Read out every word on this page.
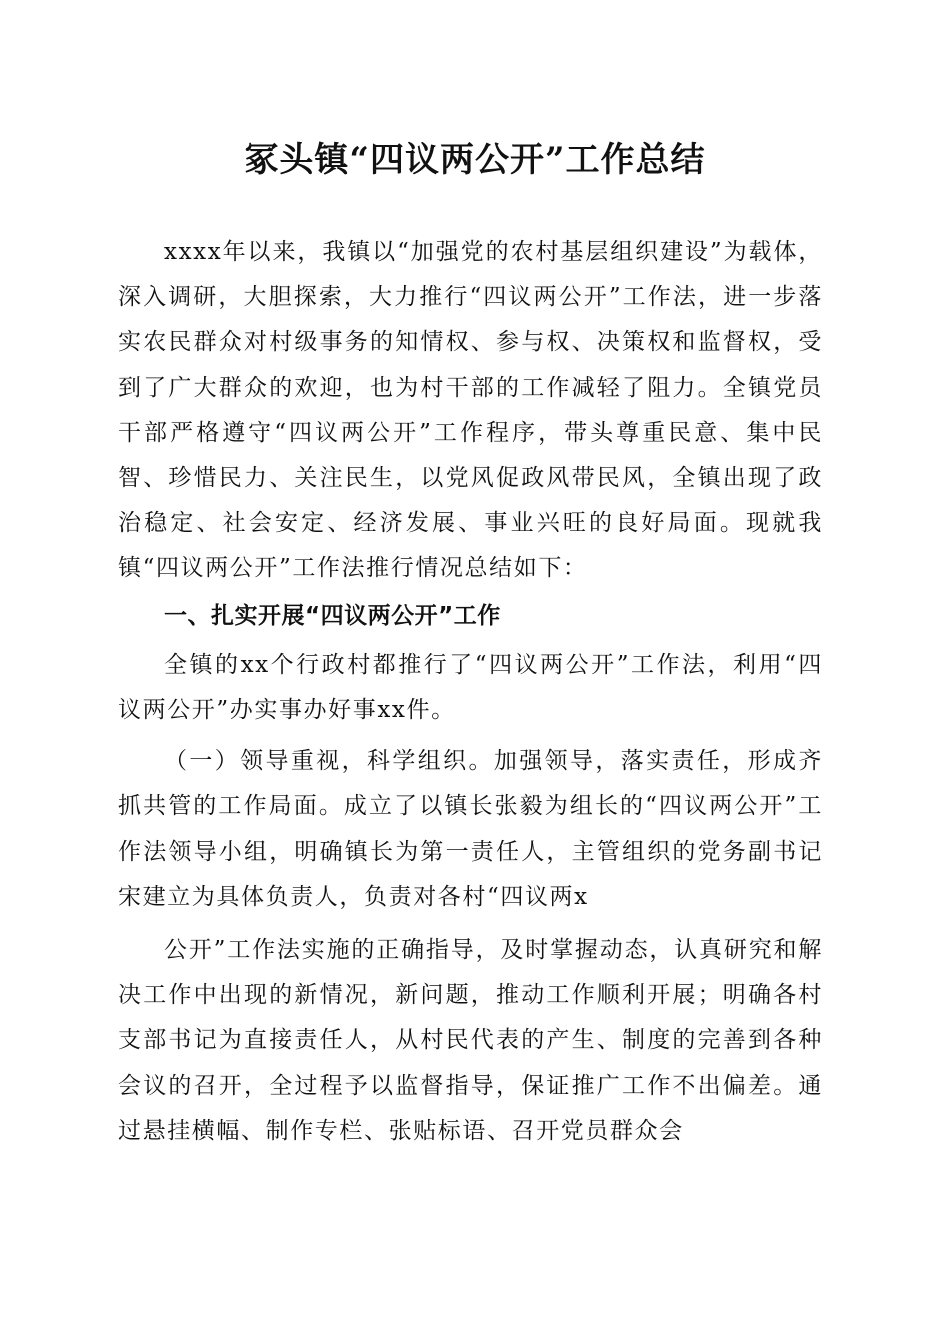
冢头镇“四议两公开”工作总结

xxxx年以来，我镇以“加强党的农村基层组织建设”为载体，深入调研，大胆探索，大力推行“四议两公开”工作法，进一步落实农民群众对村级事务的知情权、参与权、决策权和监督权，受到了广大群众的欢迎，也为村干部的工作减轻了阻力。全镇党员干部严格遵守“四议两公开”工作程序，带头尊重民意、集中民智、珍惜民力、关注民生，以党风促政风带民风，全镇出现了政治稳定、社会安定、经济发展、事业兴旺的良好局面。现就我镇“四议两公开”工作法推行情况总结如下：

一、扎实开展“四议两公开”工作

全镇的xx个行政村都推行了“四议两公开”工作法，利用“四议两公开”办实事办好事xx件。

（一）领导重视，科学组织。加强领导，落实责任，形成齐抓共管的工作局面。成立了以镇长张毅为组长的“四议两公开”工作法领导小组，明确镇长为第一责任人，主管组织的党务副书记宋建立为具体负责人，负责对各村“四议两x

公开”工作法实施的正确指导，及时掌握动态，认真研究和解决工作中出现的新情况，新问题，推动工作顺利开展；明确各村支部书记为直接责任人，从村民代表的产生、制度的完善到各种会议的召开，全过程予以监督指导，保证推广工作不出偏差。通过悬挂横幅、制作专栏、张贴标语、召开党员群众会
